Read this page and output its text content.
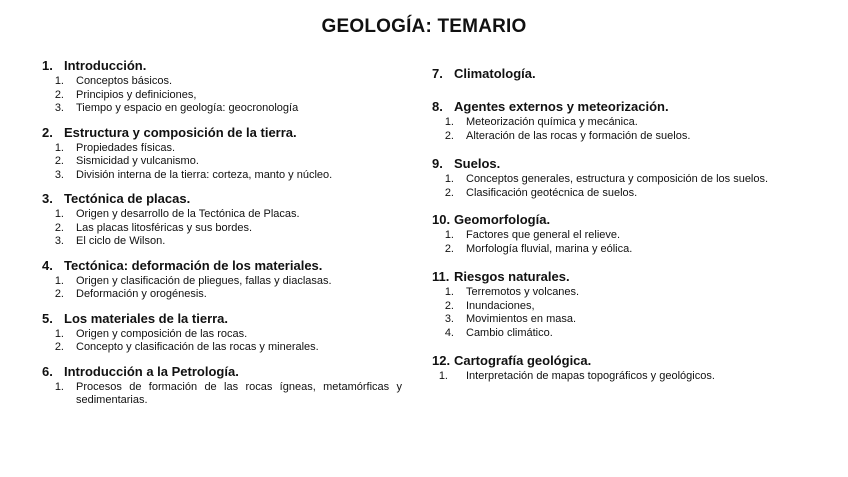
GEOLOGÍA: TEMARIO
1. Introducción.
1.	Conceptos básicos.
2.	Principios y definiciones,
3.	Tiempo y espacio en geología: geocronología
2. Estructura y composición de la tierra.
1.	Propiedades físicas.
2.	Sismicidad y vulcanismo.
3.	División interna de la tierra: corteza, manto y núcleo.
3. Tectónica de placas.
1.	Origen y desarrollo de la Tectónica de Placas.
2.	Las placas litosféricas y sus bordes.
3.	El ciclo de Wilson.
4. Tectónica: deformación de los materiales.
1.	Origen y clasificación de pliegues, fallas y diaclasas.
2.	Deformación y orogénesis.
5. Los materiales de la tierra.
1.	Origen y composición de las rocas.
2.	Concepto y clasificación de las rocas y minerales.
6. Introducción a la Petrología.
1.	Procesos de formación de las rocas ígneas, metamórficas y sedimentarias.
7. Climatología.
8. Agentes externos y meteorización.
1.	Meteorización química y mecánica.
2.	Alteración de las rocas y formación de suelos.
9. Suelos.
1.	Conceptos generales, estructura y composición de los suelos.
2.	Clasificación geotécnica de suelos.
10. Geomorfología.
1.	Factores que general el relieve.
2.	Morfología fluvial, marina y eólica.
11. Riesgos naturales.
1.	Terremotos y volcanes.
2.	Inundaciones,
3.	Movimientos en masa.
4.	Cambio climático.
12. Cartografía geológica.
1.	Interpretación de mapas topográficos y geológicos.
